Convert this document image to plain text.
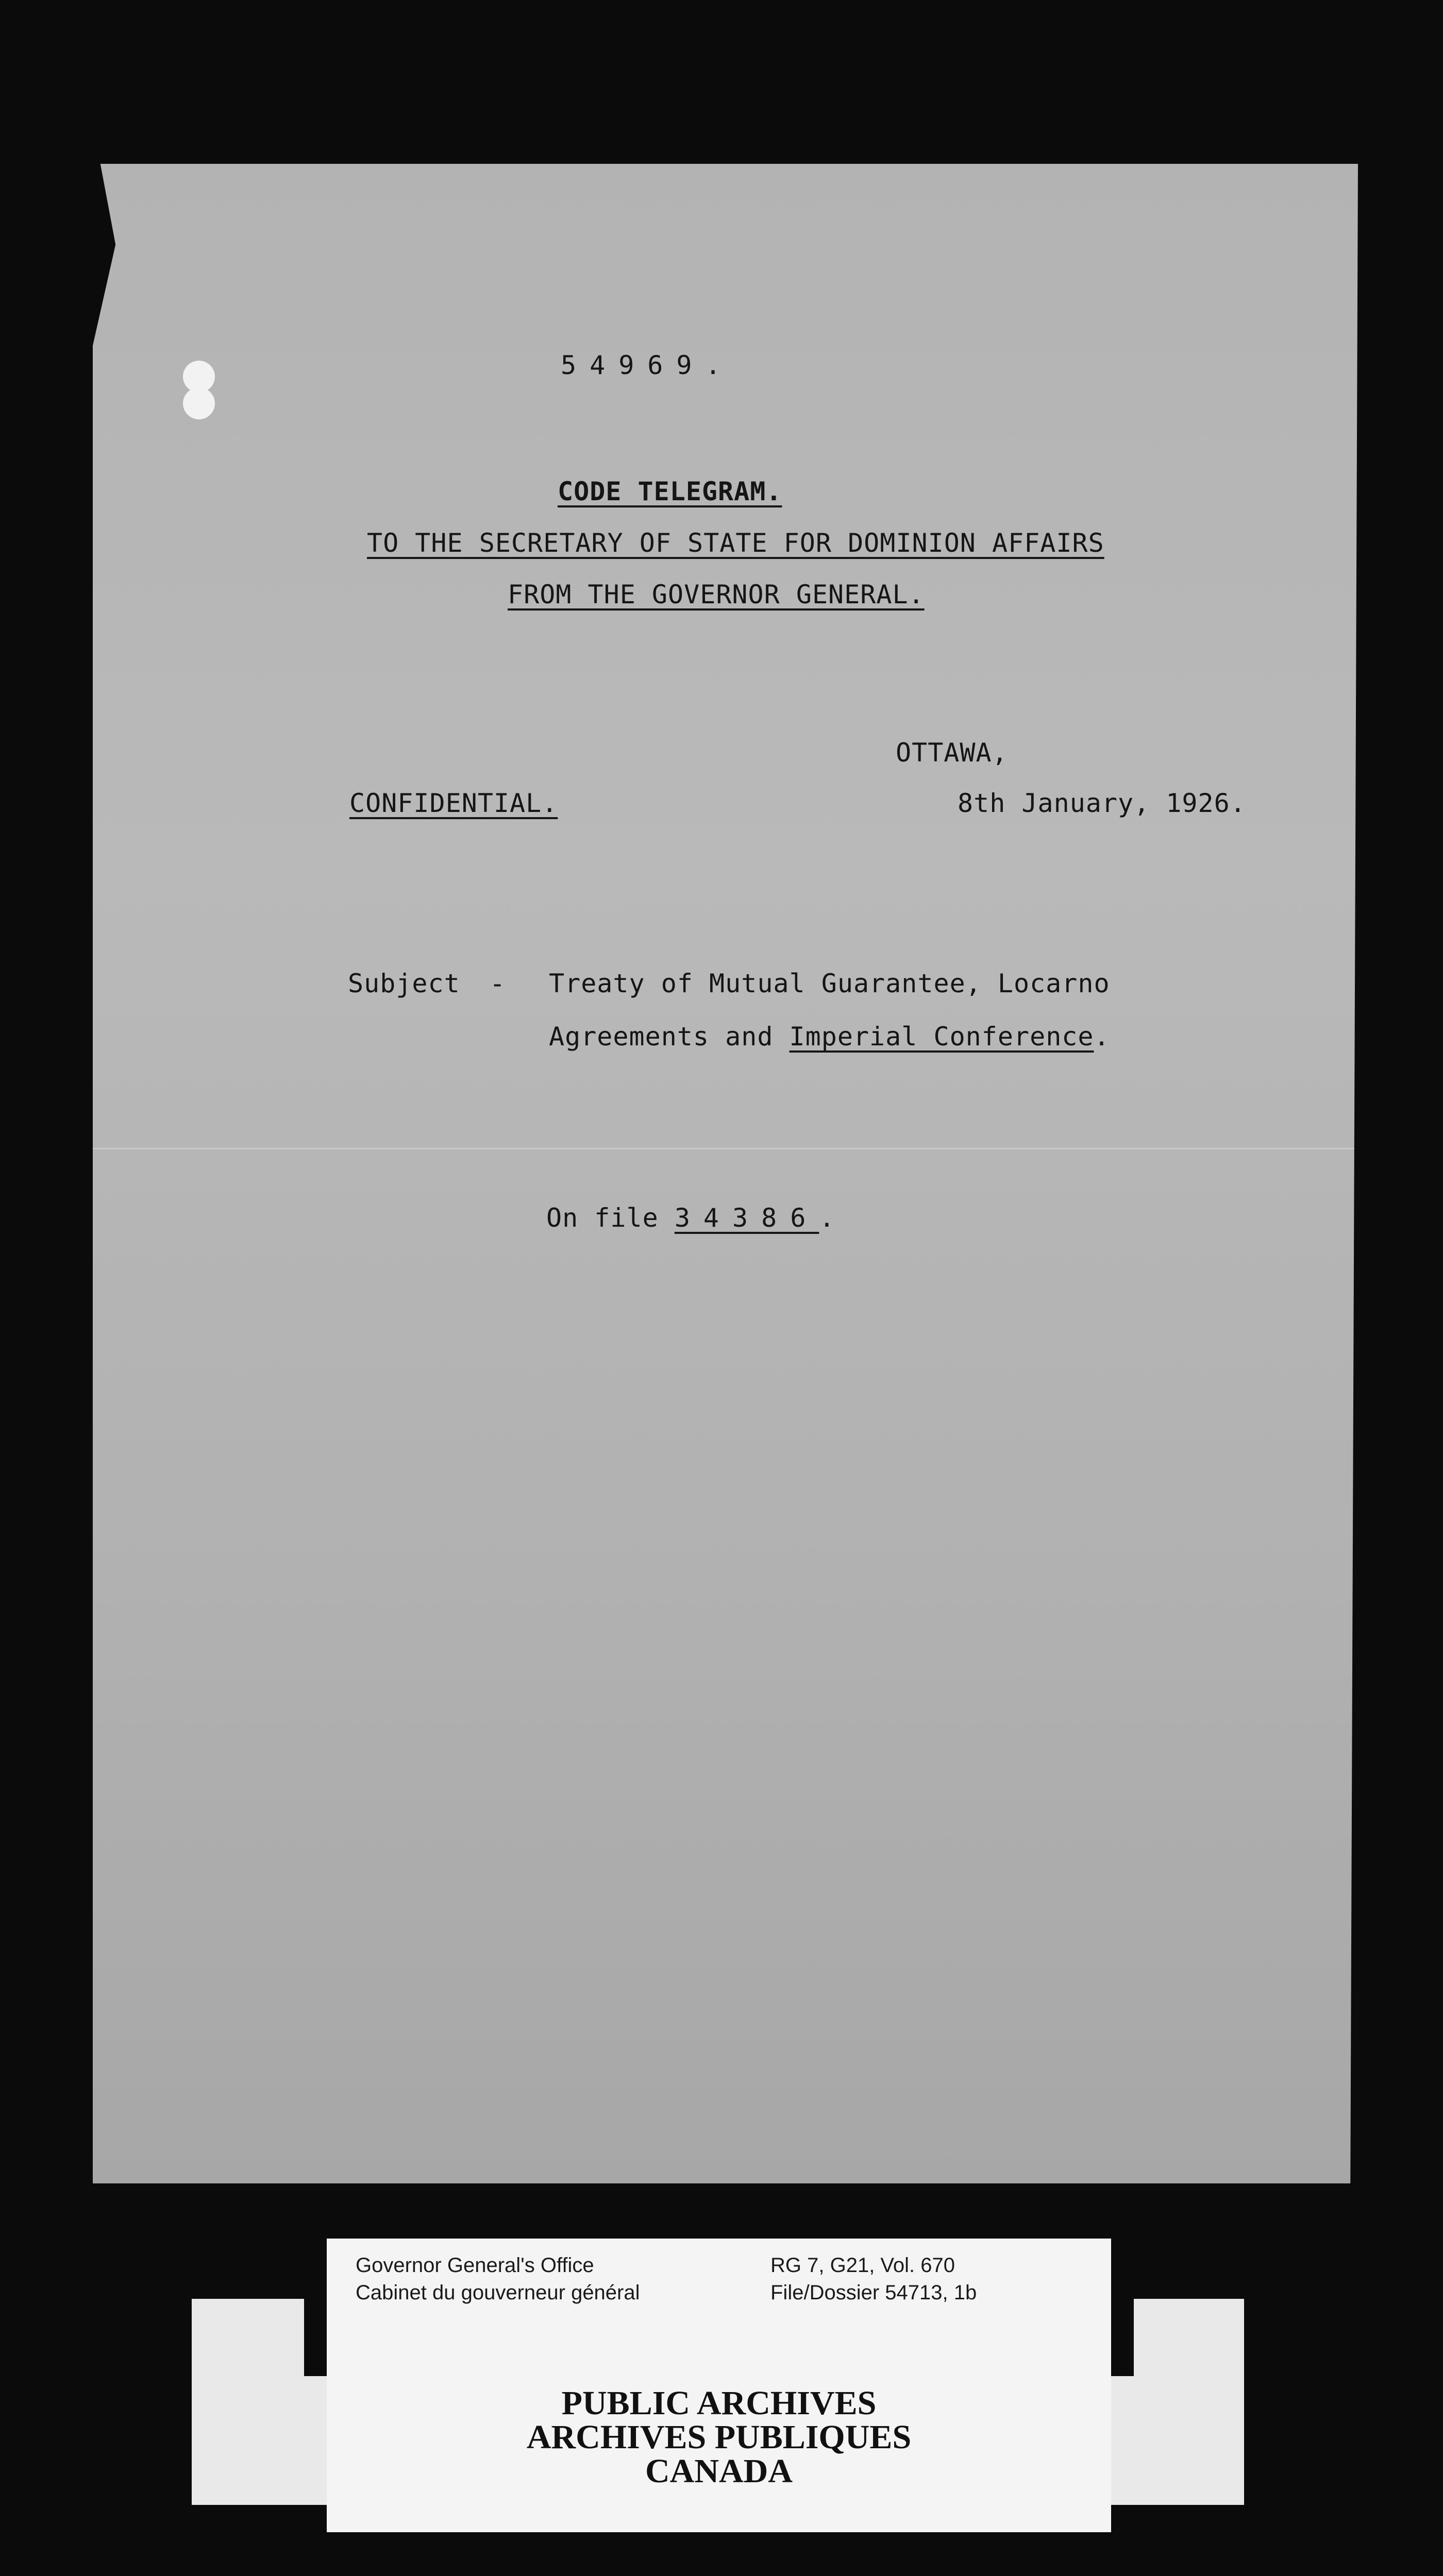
54969.
CODE TELEGRAM.
TO THE SECRETARY OF STATE FOR DOMINION AFFAIRS
FROM THE GOVERNOR GENERAL.
OTTAWA,
CONFIDENTIAL.	8th January, 1926.
Subject - Treaty of Mutual Guarantee, Locarno
Agreements and Imperial Conference.
On file 34386.
Governor General's Office
Cabinet du gouverneur général
RG 7, G21, Vol. 670
File/Dossier 54713, 1b
PUBLIC ARCHIVES
ARCHIVES PUBLIQUES
CANADA
